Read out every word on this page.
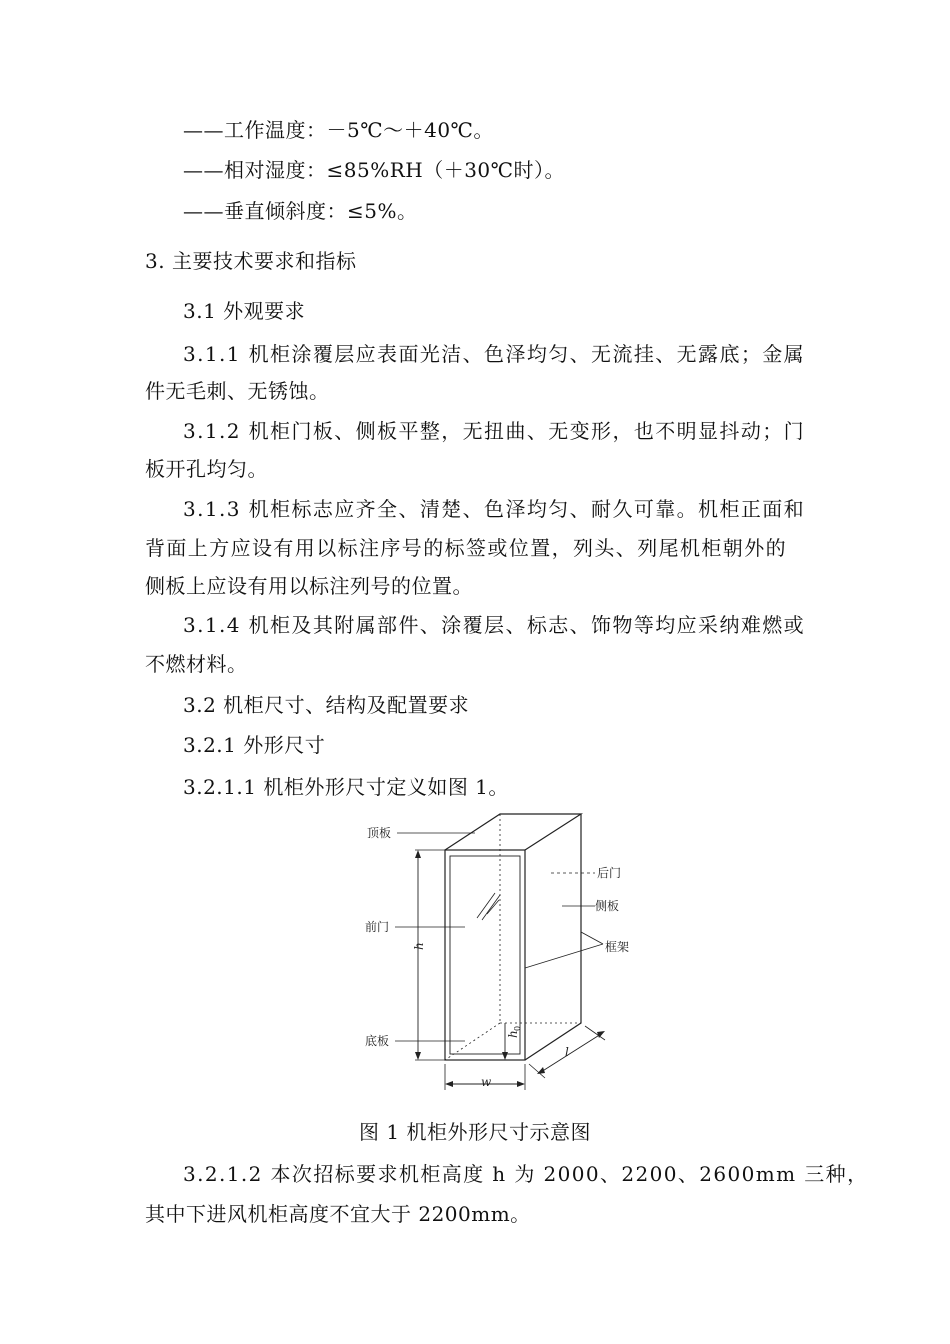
——工作温度：－5℃～＋40℃。
——相对湿度：≤85%RH（＋30℃时）。
——垂直倾斜度：≤5%。
3. 主要技术要求和指标
3.1 外观要求
3.1.1 机柜涂覆层应表面光洁、色泽均匀、无流挂、无露底；金属
件无毛刺、无锈蚀。
3.1.2 机柜门板、侧板平整，无扭曲、无变形，也不明显抖动；门
板开孔均匀。
3.1.3 机柜标志应齐全、清楚、色泽均匀、耐久可靠。机柜正面和
背面上方应设有用以标注序号的标签或位置，列头、列尾机柜朝外的
侧板上应设有用以标注列号的位置。
3.1.4 机柜及其附属部件、涂覆层、标志、饰物等均应采纳难燃或
不燃材料。
3.2 机柜尺寸、结构及配置要求
3.2.1 外形尺寸
3.2.1.1 机柜外形尺寸定义如图 1。
顶板
前门
底板
后门
侧板
框架
h
w
l
h
0
图 1 机柜外形尺寸示意图
3.2.1.2 本次招标要求机柜高度 h 为 2000、2200、2600mm 三种，
其中下进风机柜高度不宜大于 2200mm。
